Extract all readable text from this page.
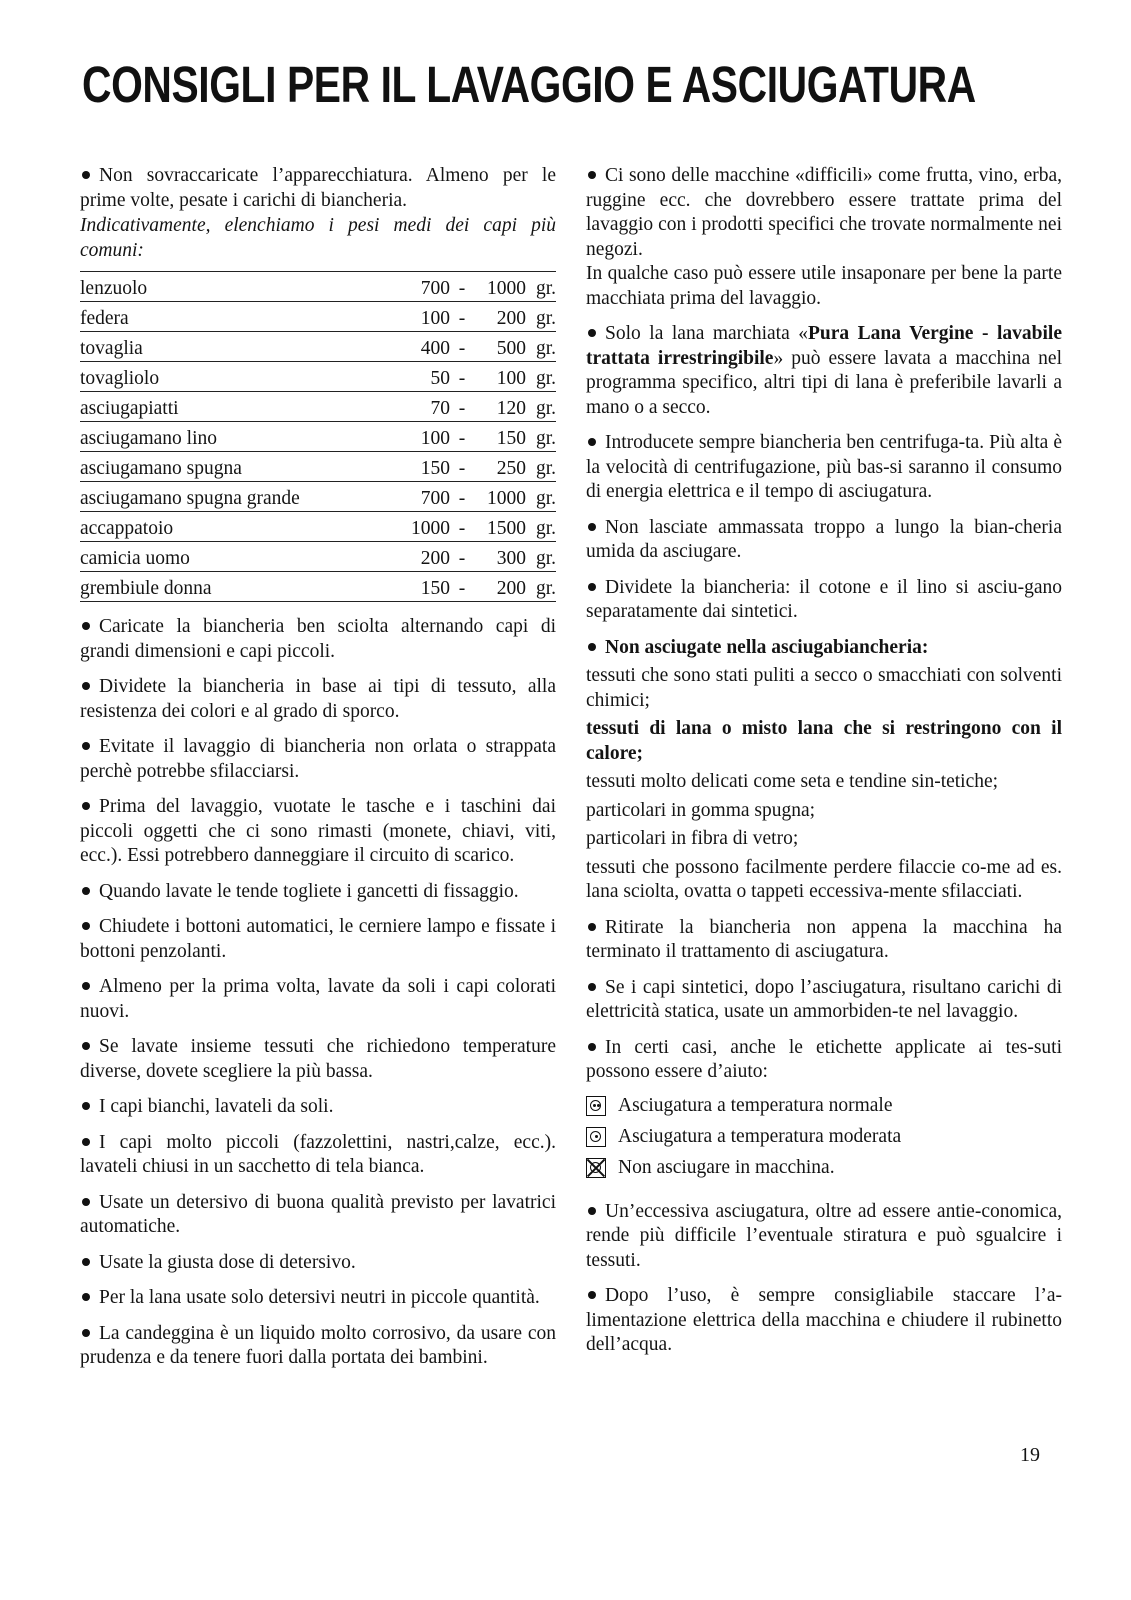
CONSIGLI PER IL LAVAGGIO E ASCIUGATURA

Non sovraccaricate l’apparecchiatura. Almeno per le prime volte, pesate i carichi di biancheria.

Indicativamente, elenchiamo i pesi medi dei capi più comuni:

lenzuolo	700 -	1000 gr.
federa	100 -	200 gr.
tovaglia	400 -	500 gr.
tovagliolo	50 -	100 gr.
asciugapiatti	70 -	120 gr.
asciugamano lino	100 -	150 gr.
asciugamano spugna	150 -	250 gr.
asciugamano spugna grande	700 -	1000 gr.
accappatoio	1000 -	1500 gr.
camicia uomo	200 -	300 gr.
grembiule donna	150 -	200 gr.

Caricate la biancheria ben sciolta alternando capi di grandi dimensioni e capi piccoli.

Dividete la biancheria in base ai tipi di tessuto, alla resistenza dei colori e al grado di sporco.

Evitate il lavaggio di biancheria non orlata o strappata perchè potrebbe sfilacciarsi.

Prima del lavaggio, vuotate le tasche e i taschini dai piccoli oggetti che ci sono rimasti (monete, chiavi, viti, ecc.). Essi potrebbero danneggiare il circuito di scarico.

Quando lavate le tende togliete i gancetti di fissaggio.

Chiudete i bottoni automatici, le cerniere lampo e fissate i bottoni penzolanti.

Almeno per la prima volta, lavate da soli i capi colorati nuovi.

Se lavate insieme tessuti che richiedono temperature diverse, dovete scegliere la più bassa.

I capi bianchi, lavateli da soli.

I capi molto piccoli (fazzolettini, nastri,calze, ecc.). lavateli chiusi in un sacchetto di tela bianca.

Usate un detersivo di buona qualità previsto per lavatrici automatiche.

Usate la giusta dose di detersivo.

Per la lana usate solo detersivi neutri in piccole quantità.

La candeggina è un liquido molto corrosivo, da usare con prudenza e da tenere fuori dalla portata dei bambini.

Ci sono delle macchine «difficili» come frutta, vino, erba, ruggine ecc. che dovrebbero essere trattate prima del lavaggio con i prodotti specifici che trovate normalmente nei negozi.
In qualche caso può essere utile insaponare per bene la parte macchiata prima del lavaggio.

Solo la lana marchiata «Pura Lana Vergine - lavabile trattata irrestringibile» può essere lavata a macchina nel programma specifico, altri tipi di lana è preferibile lavarli a mano o a secco.

Introducete sempre biancheria ben centrifuga-ta. Più alta è la velocità di centrifugazione, più bas-si saranno il consumo di energia elettrica e il tempo di asciugatura.

Non lasciate ammassata troppo a lungo la bian-cheria umida da asciugare.

Dividete la biancheria: il cotone e il lino si asciu-gano separatamente dai sintetici.

Non asciugate nella asciugabiancheria:

tessuti che sono stati puliti a secco o smacchiati con solventi chimici;

tessuti di lana o misto lana che si restringono con il calore;

tessuti molto delicati come seta e tendine sin-tetiche;

particolari in gomma spugna;

particolari in fibra di vetro;

tessuti che possono facilmente perdere filaccie co-me ad es. lana sciolta, ovatta o tappeti eccessiva-mente sfilacciati.

Ritirate la biancheria non appena la macchina ha terminato il trattamento di asciugatura.

Se i capi sintetici, dopo l’asciugatura, risultano carichi di elettricità statica, usate un ammorbiden-te nel lavaggio.

In certi casi, anche le etichette applicate ai tes-suti possono essere d’aiuto:

Asciugatura a temperatura normale
Asciugatura a temperatura moderata
Non asciugare in macchina.

Un’eccessiva asciugatura, oltre ad essere antie-conomica, rende più difficile l’eventuale stiratura e può sgualcire i tessuti.

Dopo l’uso, è sempre consigliabile staccare l’a-limentazione elettrica della macchina e chiudere il rubinetto dell’acqua.

19
